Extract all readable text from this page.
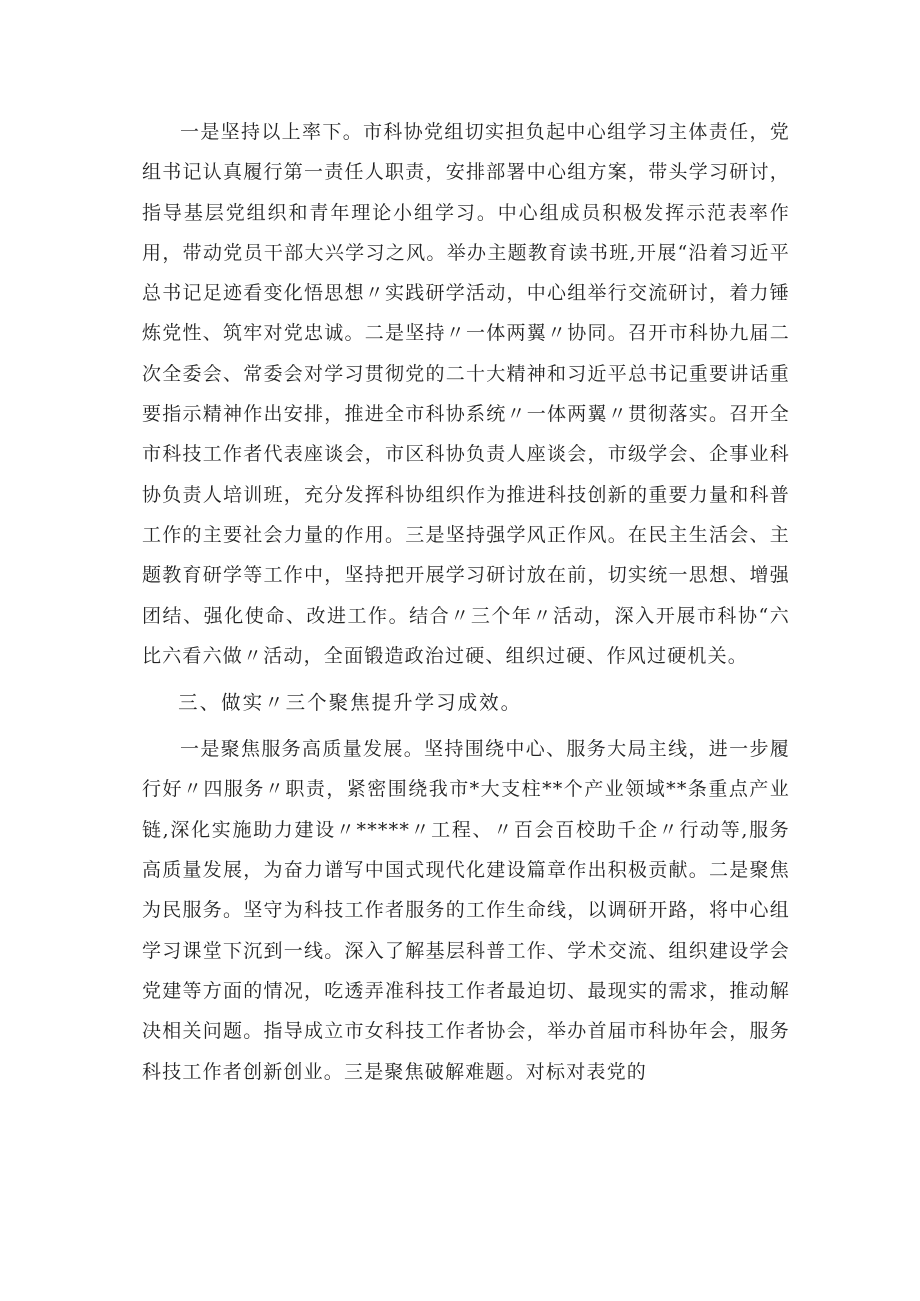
一是坚持以上率下。市科协党组切实担负起中心组学习主体责任，党组书记认真履行第一责任人职责，安排部署中心组方案，带头学习研讨，指导基层党组织和青年理论小组学习。中心组成员积极发挥示范表率作用，带动党员干部大兴学习之风。举办主题教育读书班,开展“沿着习近平总书记足迹看变化悟思想〃实践研学活动，中心组举行交流研讨，着力锤炼党性、筑牢对党忠诚。二是坚持〃一体两翼〃协同。召开市科协九届二次全委会、常委会对学习贯彻党的二十大精神和习近平总书记重要讲话重要指示精神作出安排，推进全市科协系统〃一体两翼〃贯彻落实。召开全市科技工作者代表座谈会，市区科协负责人座谈会，市级学会、企事业科协负责人培训班，充分发挥科协组织作为推进科技创新的重要力量和科普工作的主要社会力量的作用。三是坚持强学风正作风。在民主生活会、主题教育研学等工作中，坚持把开展学习研讨放在前，切实统一思想、增强团结、强化使命、改进工作。结合〃三个年〃活动，深入开展市科协“六比六看六做〃活动，全面锻造政治过硬、组织过硬、作风过硬机关。

三、做实〃三个聚焦提升学习成效。

一是聚焦服务高质量发展。坚持围绕中心、服务大局主线，进一步履行好〃四服务〃职责，紧密围绕我市*大支柱**个产业领域**条重点产业链,深化实施助力建设〃*****〃工程、〃百会百校助千企〃行动等,服务高质量发展，为奋力谱写中国式现代化建设篇章作出积极贡献。二是聚焦为民服务。坚守为科技工作者服务的工作生命线，以调研开路，将中心组学习课堂下沉到一线。深入了解基层科普工作、学术交流、组织建设学会党建等方面的情况，吃透弄准科技工作者最迫切、最现实的需求，推动解决相关问题。指导成立市女科技工作者协会，举办首届市科协年会，服务科技工作者创新创业。三是聚焦破解难题。对标对表党的
